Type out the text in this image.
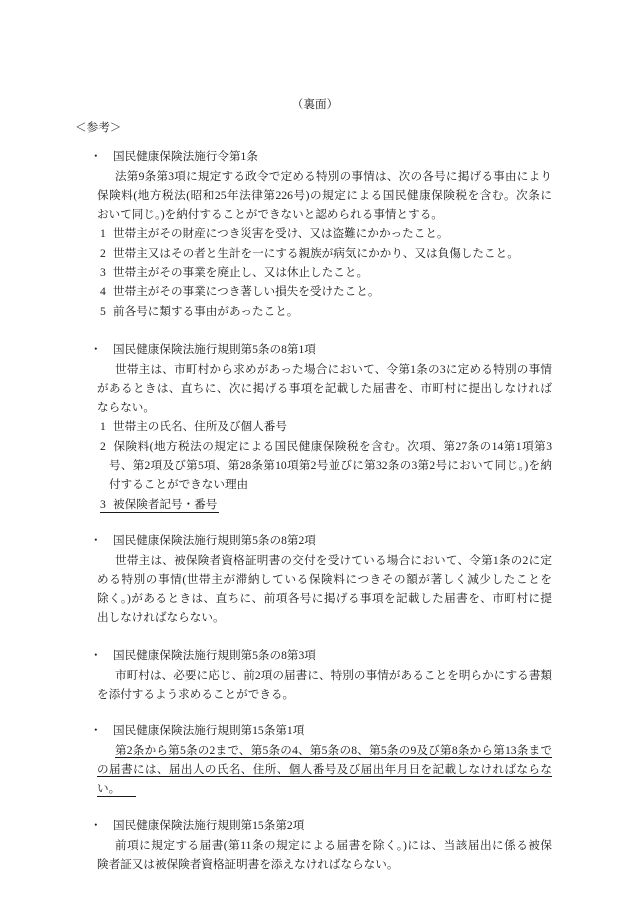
（裏面）
＜参考＞
・ 国民健康保険法施行令第1条
法第9条第3項に規定する政令で定める特別の事情は、次の各号に掲げる事由により
保険料(地方税法(昭和25年法律第226号)の規定による国民健康保険税を含む。次条に
おいて同じ。)を納付することができないと認められる事情とする。
1 世帯主がその財産につき災害を受け、又は盗難にかかったこと。
2 世帯主又はその者と生計を一にする親族が病気にかかり、又は負傷したこと。
3 世帯主がその事業を廃止し、又は休止したこと。
4 世帯主がその事業につき著しい損失を受けたこと。
5 前各号に類する事由があったこと。
・ 国民健康保険法施行規則第5条の8第1項
世帯主は、市町村から求めがあった場合において、令第1条の3に定める特別の事情
があるときは、直ちに、次に掲げる事項を記載した届書を、市町村に提出しなければ
ならない。
1 世帯主の氏名、住所及び個人番号
2 保険料(地方税法の規定による国民健康保険税を含む。次項、第27条の14第1項第3
号、第2項及び第5項、第28条第10項第2号並びに第32条の3第2号において同じ。)を納
付することができない理由
3 被保険者記号・番号
・ 国民健康保険法施行規則第5条の8第2項
世帯主は、被保険者資格証明書の交付を受けている場合において、令第1条の2に定
める特別の事情(世帯主が滞納している保険料につきその額が著しく減少したことを
除く。)があるときは、直ちに、前項各号に掲げる事項を記載した届書を、市町村に提
出しなければならない。
・ 国民健康保険法施行規則第5条の8第3項
市町村は、必要に応じ、前2項の届書に、特別の事情があることを明らかにする書類
を添付するよう求めることができる。
・ 国民健康保険法施行規則第15条第1項
第2条から第5条の2まで、第5条の4、第5条の8、第5条の9及び第8条から第13条まで
の届書には、届出人の氏名、住所、個人番号及び届出年月日を記載しなければならな
い。
・ 国民健康保険法施行規則第15条第2項
前項に規定する届書(第11条の規定による届書を除く。)には、当該届出に係る被保
険者証又は被保険者資格証明書を添えなければならない。
